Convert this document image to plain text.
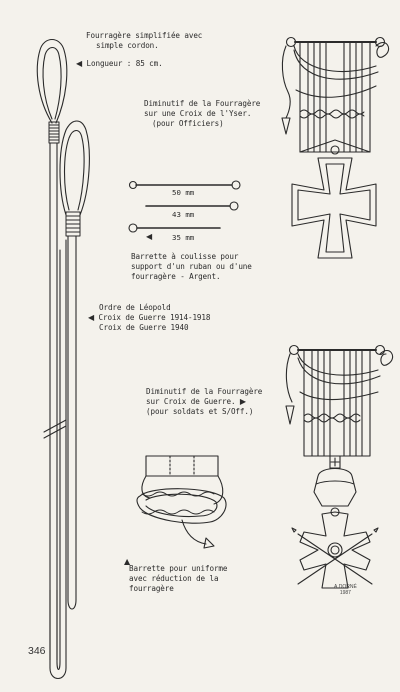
Fourragère simplifiée avec
simple cordon.
◀ Longueur : 85 cm.
Diminutif de la Fourragère
sur une Croix de l'Yser.
(pour Officiers)
50 mm
43 mm
35 mm
◀
Barrette à coulisse pour
support d'un ruban ou d'une
fourragère - Argent.
Ordre de Léopold
◀ Croix de Guerre 1914-1918
Croix de Guerre 1940
Diminutif de la Fourragère
sur Croix de Guerre. ▶
(pour soldats et S/Off.)
▲
Barrette pour uniforme
avec réduction de la
fourragère	A.DORNÉ
1987
346
